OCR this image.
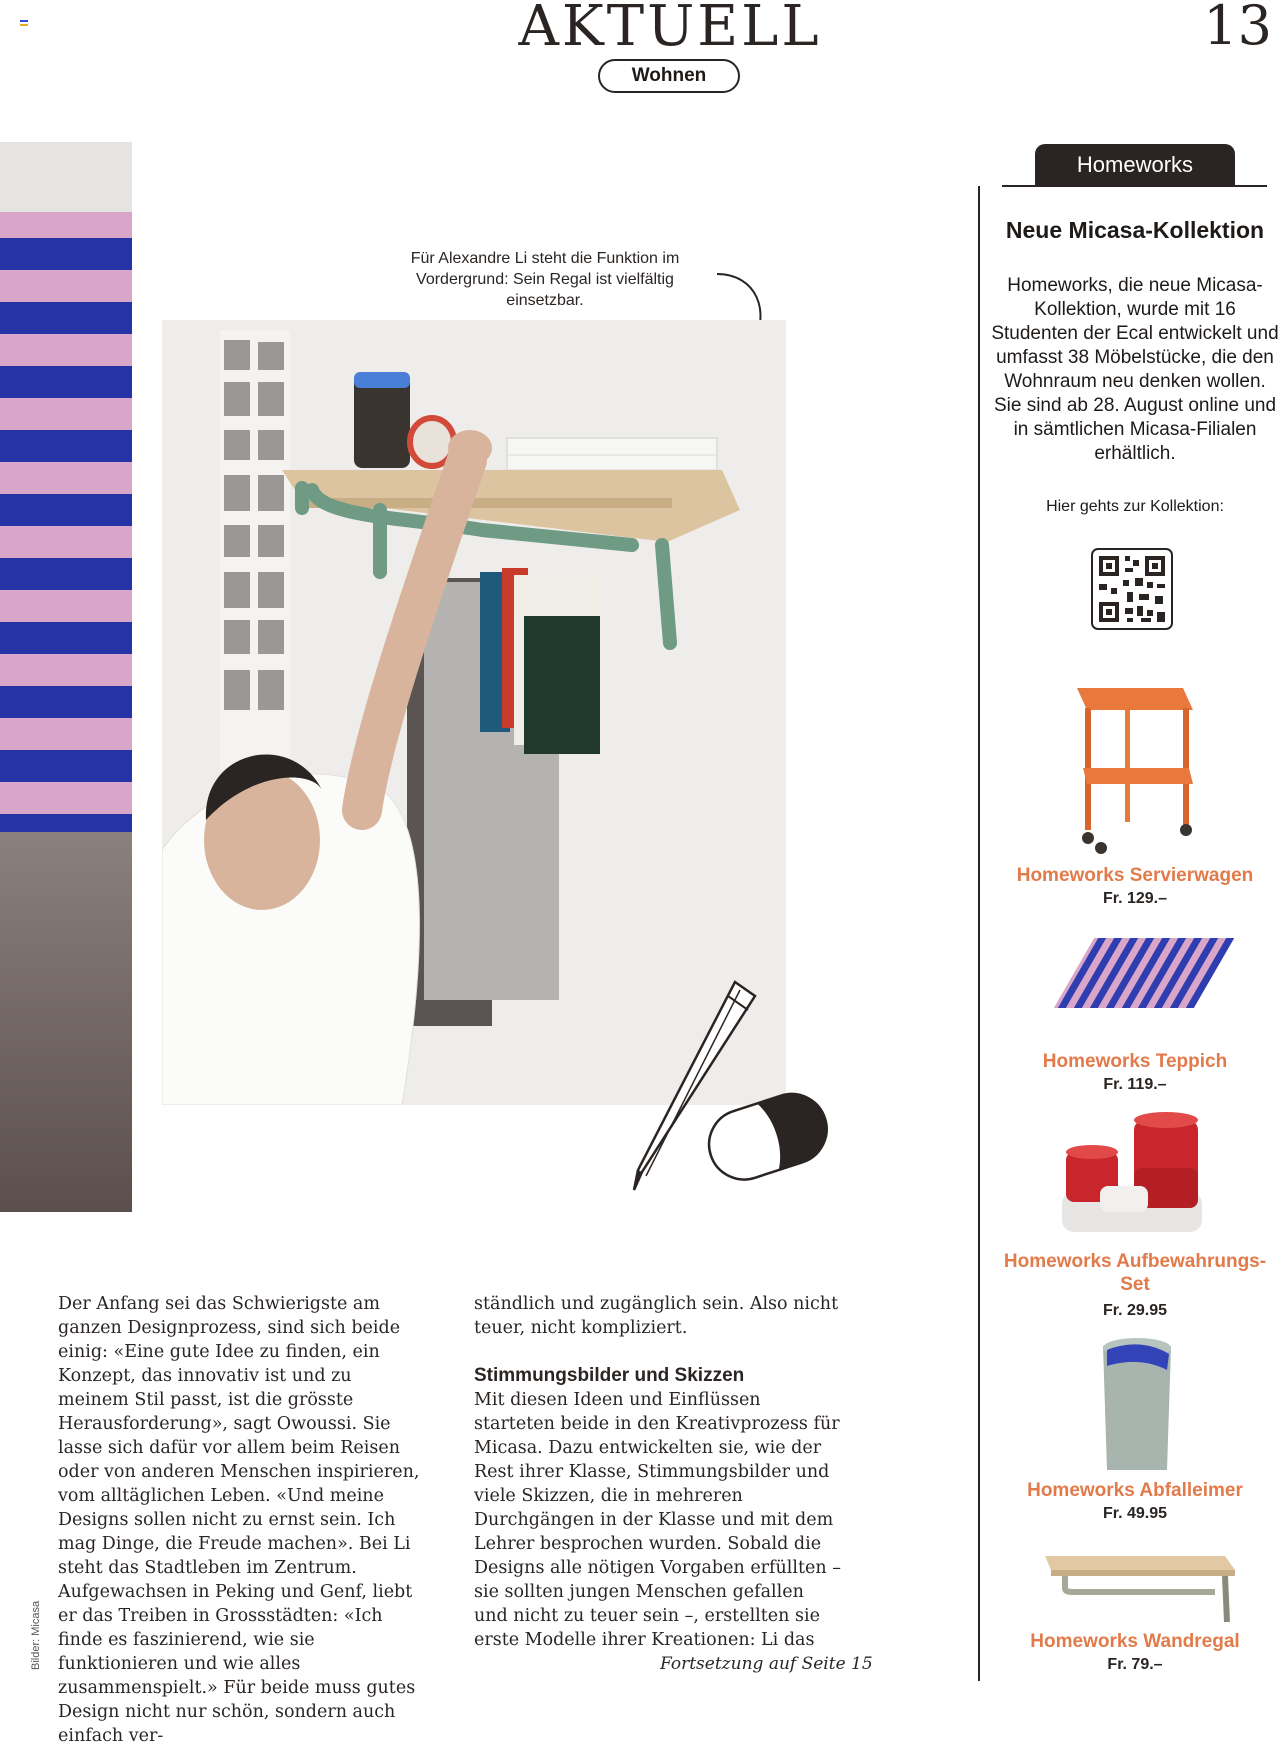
AKTUELL	13
Wohnen
Für Alexandre Li steht die Funktion im Vordergrund: Sein Regal ist vielfältig einsetzbar.

Der Anfang sei das Schwierigste am ganzen Designprozess, sind sich beide einig: «Eine gute Idee zu finden, ein Konzept, das innovativ ist und zu meinem Stil passt, ist die grösste Herausforderung», sagt Owoussi. Sie lasse sich dafür vor allem beim Reisen oder von anderen Menschen inspirieren, vom alltäglichen Leben. «Und meine Designs sollen nicht zu ernst sein. Ich mag Dinge, die Freude machen». Bei Li steht das Stadtleben im Zentrum. Aufgewachsen in Peking und Genf, liebt er das Treiben in Grossstädten: «Ich finde es faszinierend, wie sie funktionieren und wie alles zusammenspielt.» Für beide muss gutes Design nicht nur schön, sondern auch einfach ver-

ständlich und zugänglich sein. Also nicht teuer, nicht kompliziert.

Stimmungsbilder und Skizzen

Mit diesen Ideen und Einflüssen starteten beide in den Kreativprozess für Micasa. Dazu entwickelten sie, wie der Rest ihrer Klasse, Stimmungsbilder und viele Skizzen, die in mehreren Durchgängen in der Klasse und mit dem Lehrer besprochen wurden. Sobald die Designs alle nötigen Vorgaben erfüllten – sie sollten jungen Menschen gefallen und nicht zu teuer sein –, erstellten sie erste Modelle ihrer Kreationen: Li das

Fortsetzung auf Seite 15
Bilder: Micasa
Homeworks
Neue Micasa-Kollektion
Homeworks, die neue Micasa-Kollektion, wurde mit 16 Studenten der Ecal entwickelt und umfasst 38 Möbelstücke, die den Wohnraum neu denken wollen. Sie sind ab 28. August online und in sämtlichen Micasa-Filialen erhältlich.
Hier gehts zur Kollektion:
Homeworks Servierwagen
Fr. 129.–
Homeworks Teppich
Fr. 119.–
Homeworks Aufbewahrungs-Set
Fr. 29.95
Homeworks Abfalleimer
Fr. 49.95
Homeworks Wandregal
Fr. 79.–
